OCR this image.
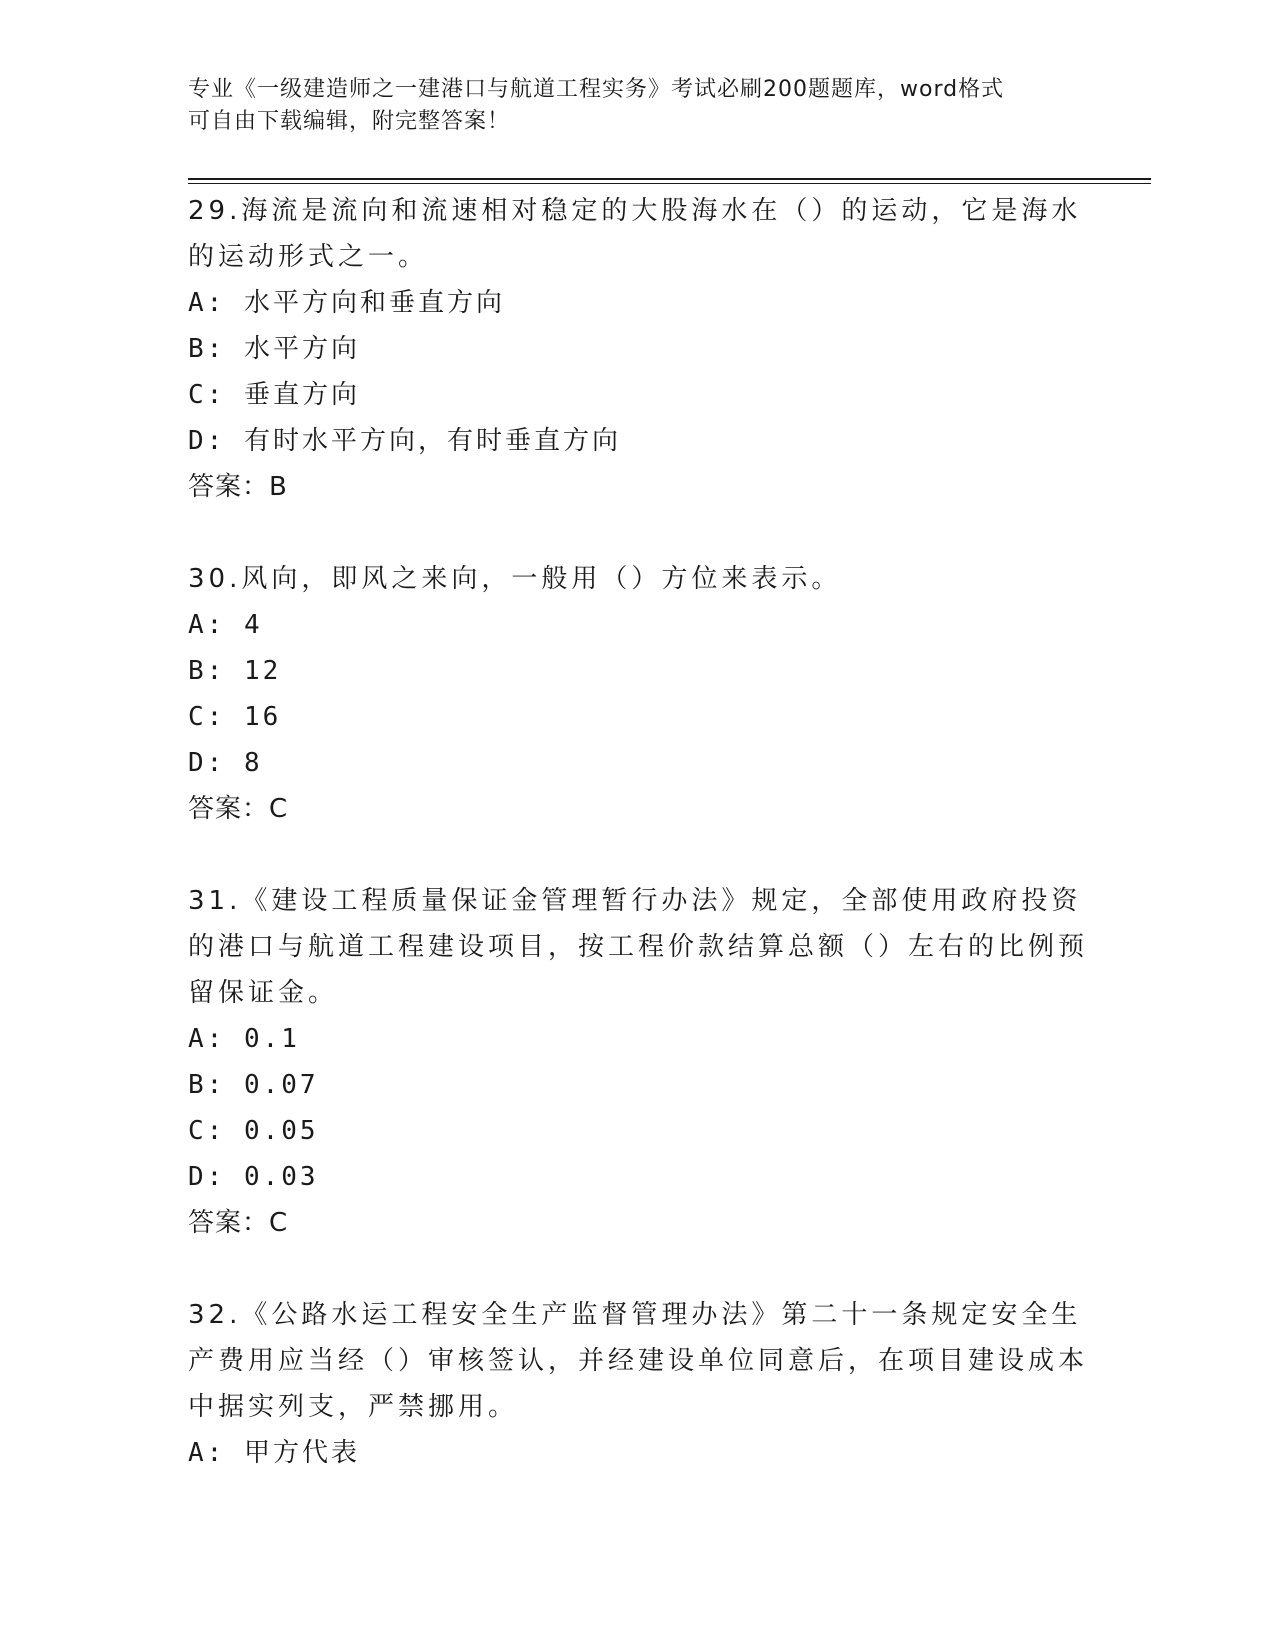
专业《一级建造师之一建港口与航道工程实务》考试必刷200题题库，word格式
可自由下载编辑，附完整答案！

29.海流是流向和流速相对稳定的大股海水在（）的运动，它是海水的运动形式之一。

A: 水平方向和垂直方向

B: 水平方向

C: 垂直方向

D: 有时水平方向，有时垂直方向

答案：B

30.风向，即风之来向，一般用（）方位来表示。

A: 4

B: 12

C: 16

D: 8

答案：C

31.《建设工程质量保证金管理暂行办法》规定，全部使用政府投资的港口与航道工程建设项目，按工程价款结算总额（）左右的比例预留保证金。

A: 0.1

B: 0.07

C: 0.05

D: 0.03

答案：C

32.《公路水运工程安全生产监督管理办法》第二十一条规定安全生产费用应当经（）审核签认，并经建设单位同意后，在项目建设成本中据实列支，严禁挪用。

A: 甲方代表
